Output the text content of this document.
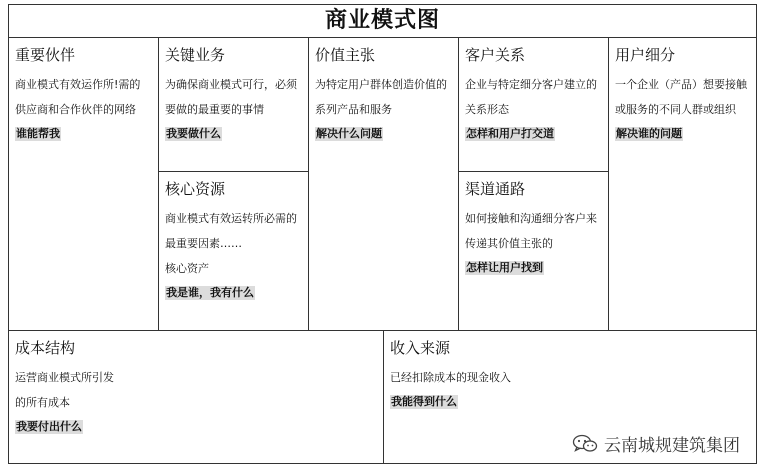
商业模式图
重要伙伴
商业模式有效运作所!需的
供应商和合作伙伴的网络
谁能帮我
关键业务
为确保商业模式可行，必须
要做的最重要的事情
我要做什么
核心资源
商业模式有效运转所必需的
最重要因素……
核心资产
我是谁，我有什么
价值主张
为特定用户群体创造价值的
系列产品和服务
解决什么问题
客户关系
企业与特定细分客户建立的
关系形态
怎样和用户打交道
渠道通路
如何接触和沟通细分客户来
传递其价值主张的
怎样让用户找到
用户细分
一个企业（产品）想要接触
或服务的不同人群或组织
解决谁的问题
成本结构
运营商业模式所引发
的所有成本
我要付出什么
收入来源
已经扣除成本的现金收入
我能得到什么
云南城规建筑集团
